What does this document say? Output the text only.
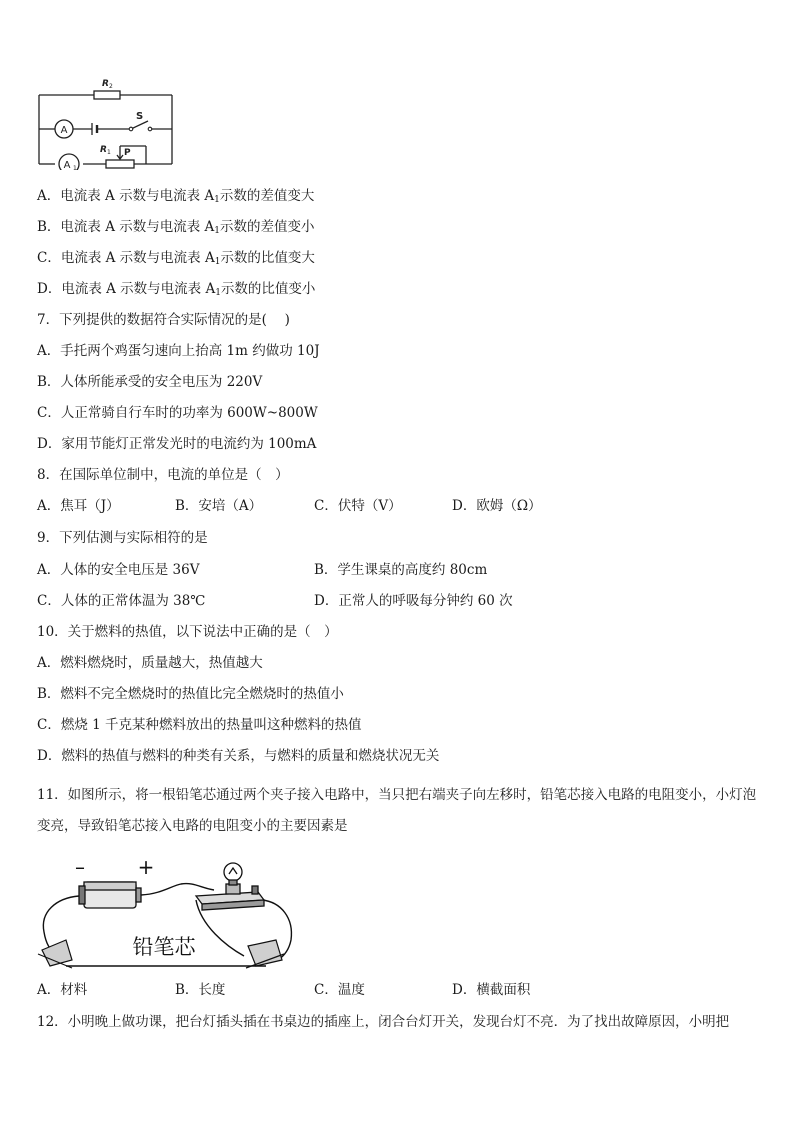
A
A 1
R 2
S
R 1 P
A．电流表 A 示数与电流表 $A_1$示数的差值变大
B．电流表 A 示数与电流表 $A_1$示数的差值变小
C．电流表 A 示数与电流表 $A_1$示数的比值变大
D．电流表 A 示数与电流表 $A_1$示数的比值变小
7．下列提供的数据符合实际情况的是(　 )
A．手托两个鸡蛋匀速向上抬高 1m 约做功 10J
B．人体所能承受的安全电压为 220V
C．人正常骑自行车时的功率为 600W~800W
D．家用节能灯正常发光时的电流约为 100mA
8．在国际单位制中，电流的单位是（　）
A．焦耳（J）	B．安培（A）	C．伏特（V）	D．欧姆（Ω）
9．下列估测与实际相符的是
A．人体的安全电压是 36V	B．学生课桌的高度约 80cm
C．人体的正常体温为 38℃	D．正常人的呼吸每分钟约 60 次
10．关于燃料的热值，以下说法中正确的是（　）
A．燃料燃烧时，质量越大，热值越大
B．燃料不完全燃烧时的热值比完全燃烧时的热值小
C．燃烧 1 千克某种燃料放出的热量叫这种燃料的热值
D．燃料的热值与燃料的种类有关系，与燃料的质量和燃烧状况无关
11．如图所示，将一根铅笔芯通过两个夹子接入电路中，当只把右端夹子向左移时，铅笔芯接入电路的电阻变小，小灯泡变亮，导致铅笔芯接入电路的电阻变小的主要因素是
–	+
铅笔芯
A．材料	B．长度	C．温度	D．横截面积
12．小明晚上做功课，把台灯插头插在书桌边的插座上，闭合台灯开关，发现台灯不亮．为了找出故障原因，小明把
